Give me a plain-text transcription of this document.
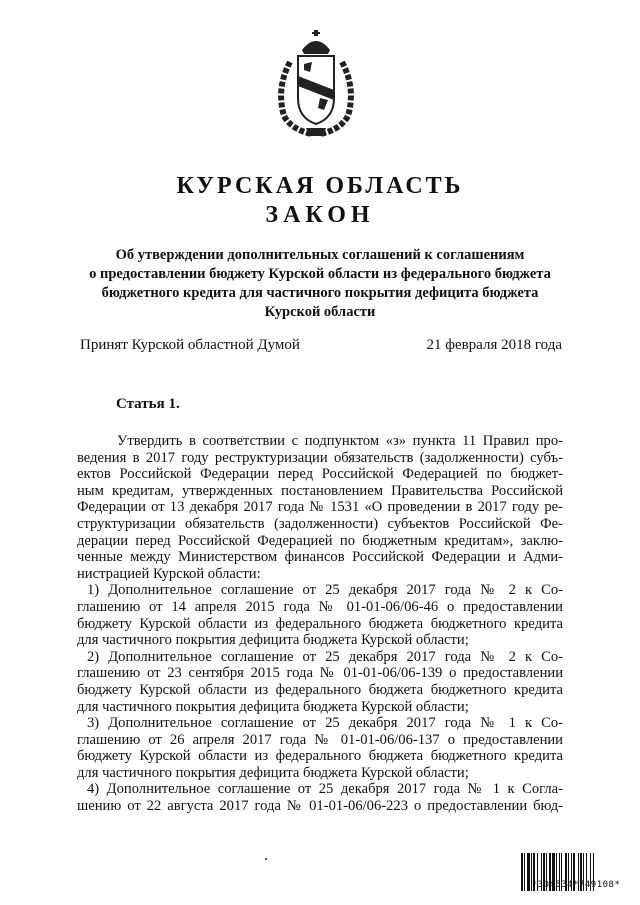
КУРСКАЯ ОБЛАСТЬ
ЗАКОН
Об утверждении дополнительных соглашений к соглашениям
о предоставлении бюджету Курской области из федерального бюджета
бюджетного кредита для частичного покрытия дефицита бюджета
Курской области
Принят Курской областной Думой	21 февраля 2018 года
Статья 1.
Утвердить в соответствии с подпунктом «з» пункта 11 Правил про-
ведения в 2017 году реструктуризации обязательств (задолженности) субъ-
ектов Российской Федерации перед Российской Федерацией по бюджет-
ным кредитам, утвержденных постановлением Правительства Российской
Федерации от 13 декабря 2017 года № 1531 «О проведении в 2017 году ре-
структуризации обязательств (задолженности) субъектов Российской Фе-
дерации перед Российской Федерацией по бюджетным кредитам», заклю-
ченные между Министерством финансов Российской Федерации и Адми-
нистрацией Курской области:
1) Дополнительное соглашение от 25 декабря 2017 года № 2 к Со-
глашению от 14 апреля 2015 года № 01-01-06/06-46 о предоставлении
бюджету Курской области из федерального бюджета бюджетного кредита
для частичного покрытия дефицита бюджета Курской области;
2) Дополнительное соглашение от 25 декабря 2017 года № 2 к Со-
глашению от 23 сентября 2015 года № 01-01-06/06-139 о предоставлении
бюджету Курской области из федерального бюджета бюджетного кредита
для частичного покрытия дефицита бюджета Курской области;
3) Дополнительное соглашение от 25 декабря 2017 года № 1 к Со-
глашению от 26 апреля 2017 года № 01-01-06/06-137 о предоставлении
бюджету Курской области из федерального бюджета бюджетного кредита
для частичного покрытия дефицита бюджета Курской области;
4) Дополнительное соглашение от 25 декабря 2017 года № 1 к Согла-
шению от 22 августа 2017 года № 01-01-06/06-223 о предоставлении бюд-
*304534*749108*
